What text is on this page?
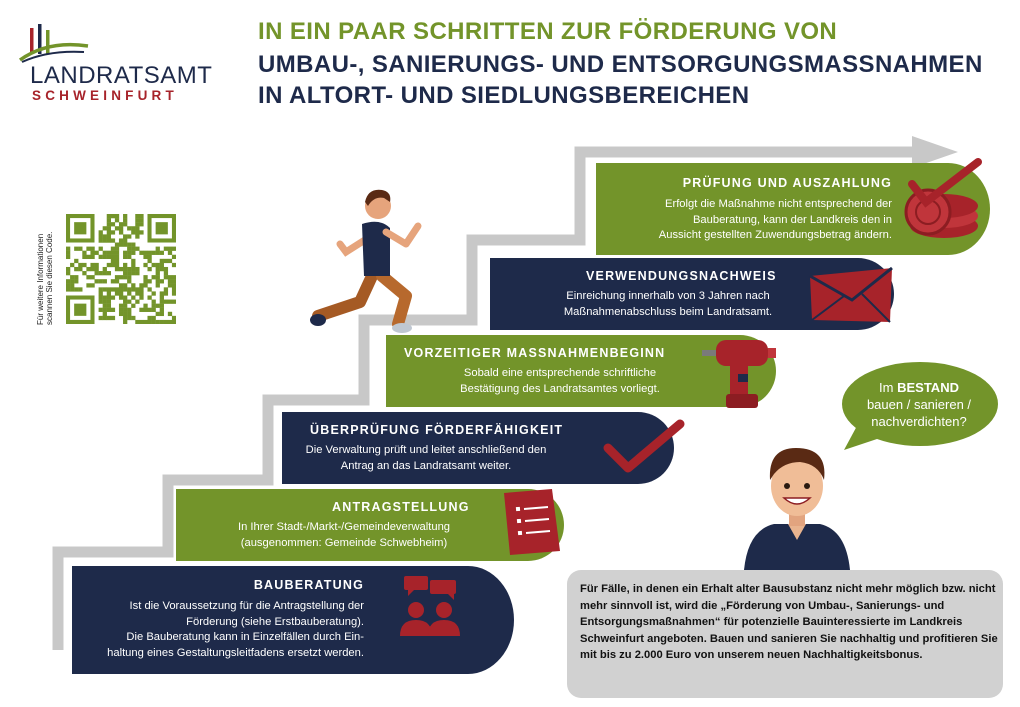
LANDRATSAMT
SCHWEINFURT
IN EIN PAAR SCHRITTEN ZUR FÖRDERUNG VON
UMBAU-, SANIERUNGS- UND ENTSORGUNGSMASSNAHMEN
IN ALTORT- UND SIEDLUNGSBEREICHEN
Für weitere Informationen scannen Sie diesen Code.
PRÜFUNG UND AUSZAHLUNG
Erfolgt die Maßnahme nicht entsprechend der
Bauberatung, kann der Landkreis den in
Aussicht gestellten Zuwendungsbetrag ändern.
VERWENDUNGSNACHWEIS
Einreichung innerhalb von 3 Jahren nach
Maßnahmenabschluss beim Landratsamt.
VORZEITIGER MASSNAHMENBEGINN
Sobald eine entsprechende schriftliche
Bestätigung des Landratsamtes vorliegt.
ÜBERPRÜFUNG FÖRDERFÄHIGKEIT
Die Verwaltung prüft und leitet anschließend den
Antrag an das Landratsamt weiter.
ANTRAGSTELLUNG
In Ihrer Stadt-/Markt-/Gemeindeverwaltung
(ausgenommen: Gemeinde Schwebheim)
BAUBERATUNG
Ist die Voraussetzung für die Antragstellung der
Förderung (siehe Erstbauberatung).
Die Bauberatung kann in Einzelfällen durch Ein-
haltung eines Gestaltungsleitfadens ersetzt werden.
Im BESTAND
bauen / sanieren /
nachverdichten?
Für Fälle, in denen ein Erhalt alter Bausubstanz nicht mehr möglich bzw. nicht mehr sinnvoll ist, wird die „Förderung von Umbau-, Sanierungs- und Entsorgungsmaßnahmen“ für potenzielle Bauinteressierte im Landkreis Schweinfurt angeboten. Bauen und sanieren Sie nachhaltig und profitieren Sie mit bis zu 2.000 Euro von unserem neuen Nachhaltigkeitsbonus.
